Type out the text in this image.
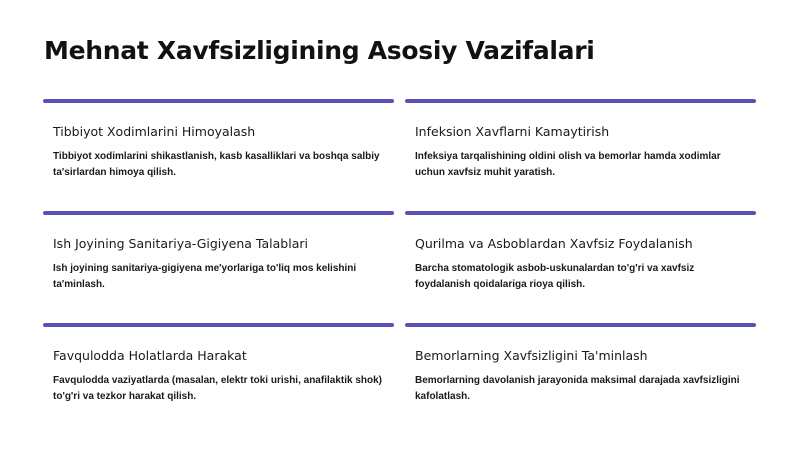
Mehnat Xavfsizligining Asosiy Vazifalari
Tibbiyot Xodimlarini Himoyalash
Tibbiyot xodimlarini shikastlanish, kasb kasalliklari va boshqa salbiy ta'sirlardan himoya qilish.
Infeksion Xavflarni Kamaytirish
Infeksiya tarqalishining oldini olish va bemorlar hamda xodimlar uchun xavfsiz muhit yaratish.
Ish Joyining Sanitariya-Gigiyena Talablari
Ish joyining sanitariya-gigiyena me'yorlariga to'liq mos kelishini ta'minlash.
Qurilma va Asboblardan Xavfsiz Foydalanish
Barcha stomatologik asbob-uskunalardan to'g'ri va xavfsiz foydalanish qoidalariga rioya qilish.
Favqulodda Holatlarda Harakat
Favqulodda vaziyatlarda (masalan, elektr toki urishi, anafilaktik shok) to'g'ri va tezkor harakat qilish.
Bemorlarning Xavfsizligini Ta'minlash
Bemorlarning davolanish jarayonida maksimal darajada xavfsizligini kafolatlash.
